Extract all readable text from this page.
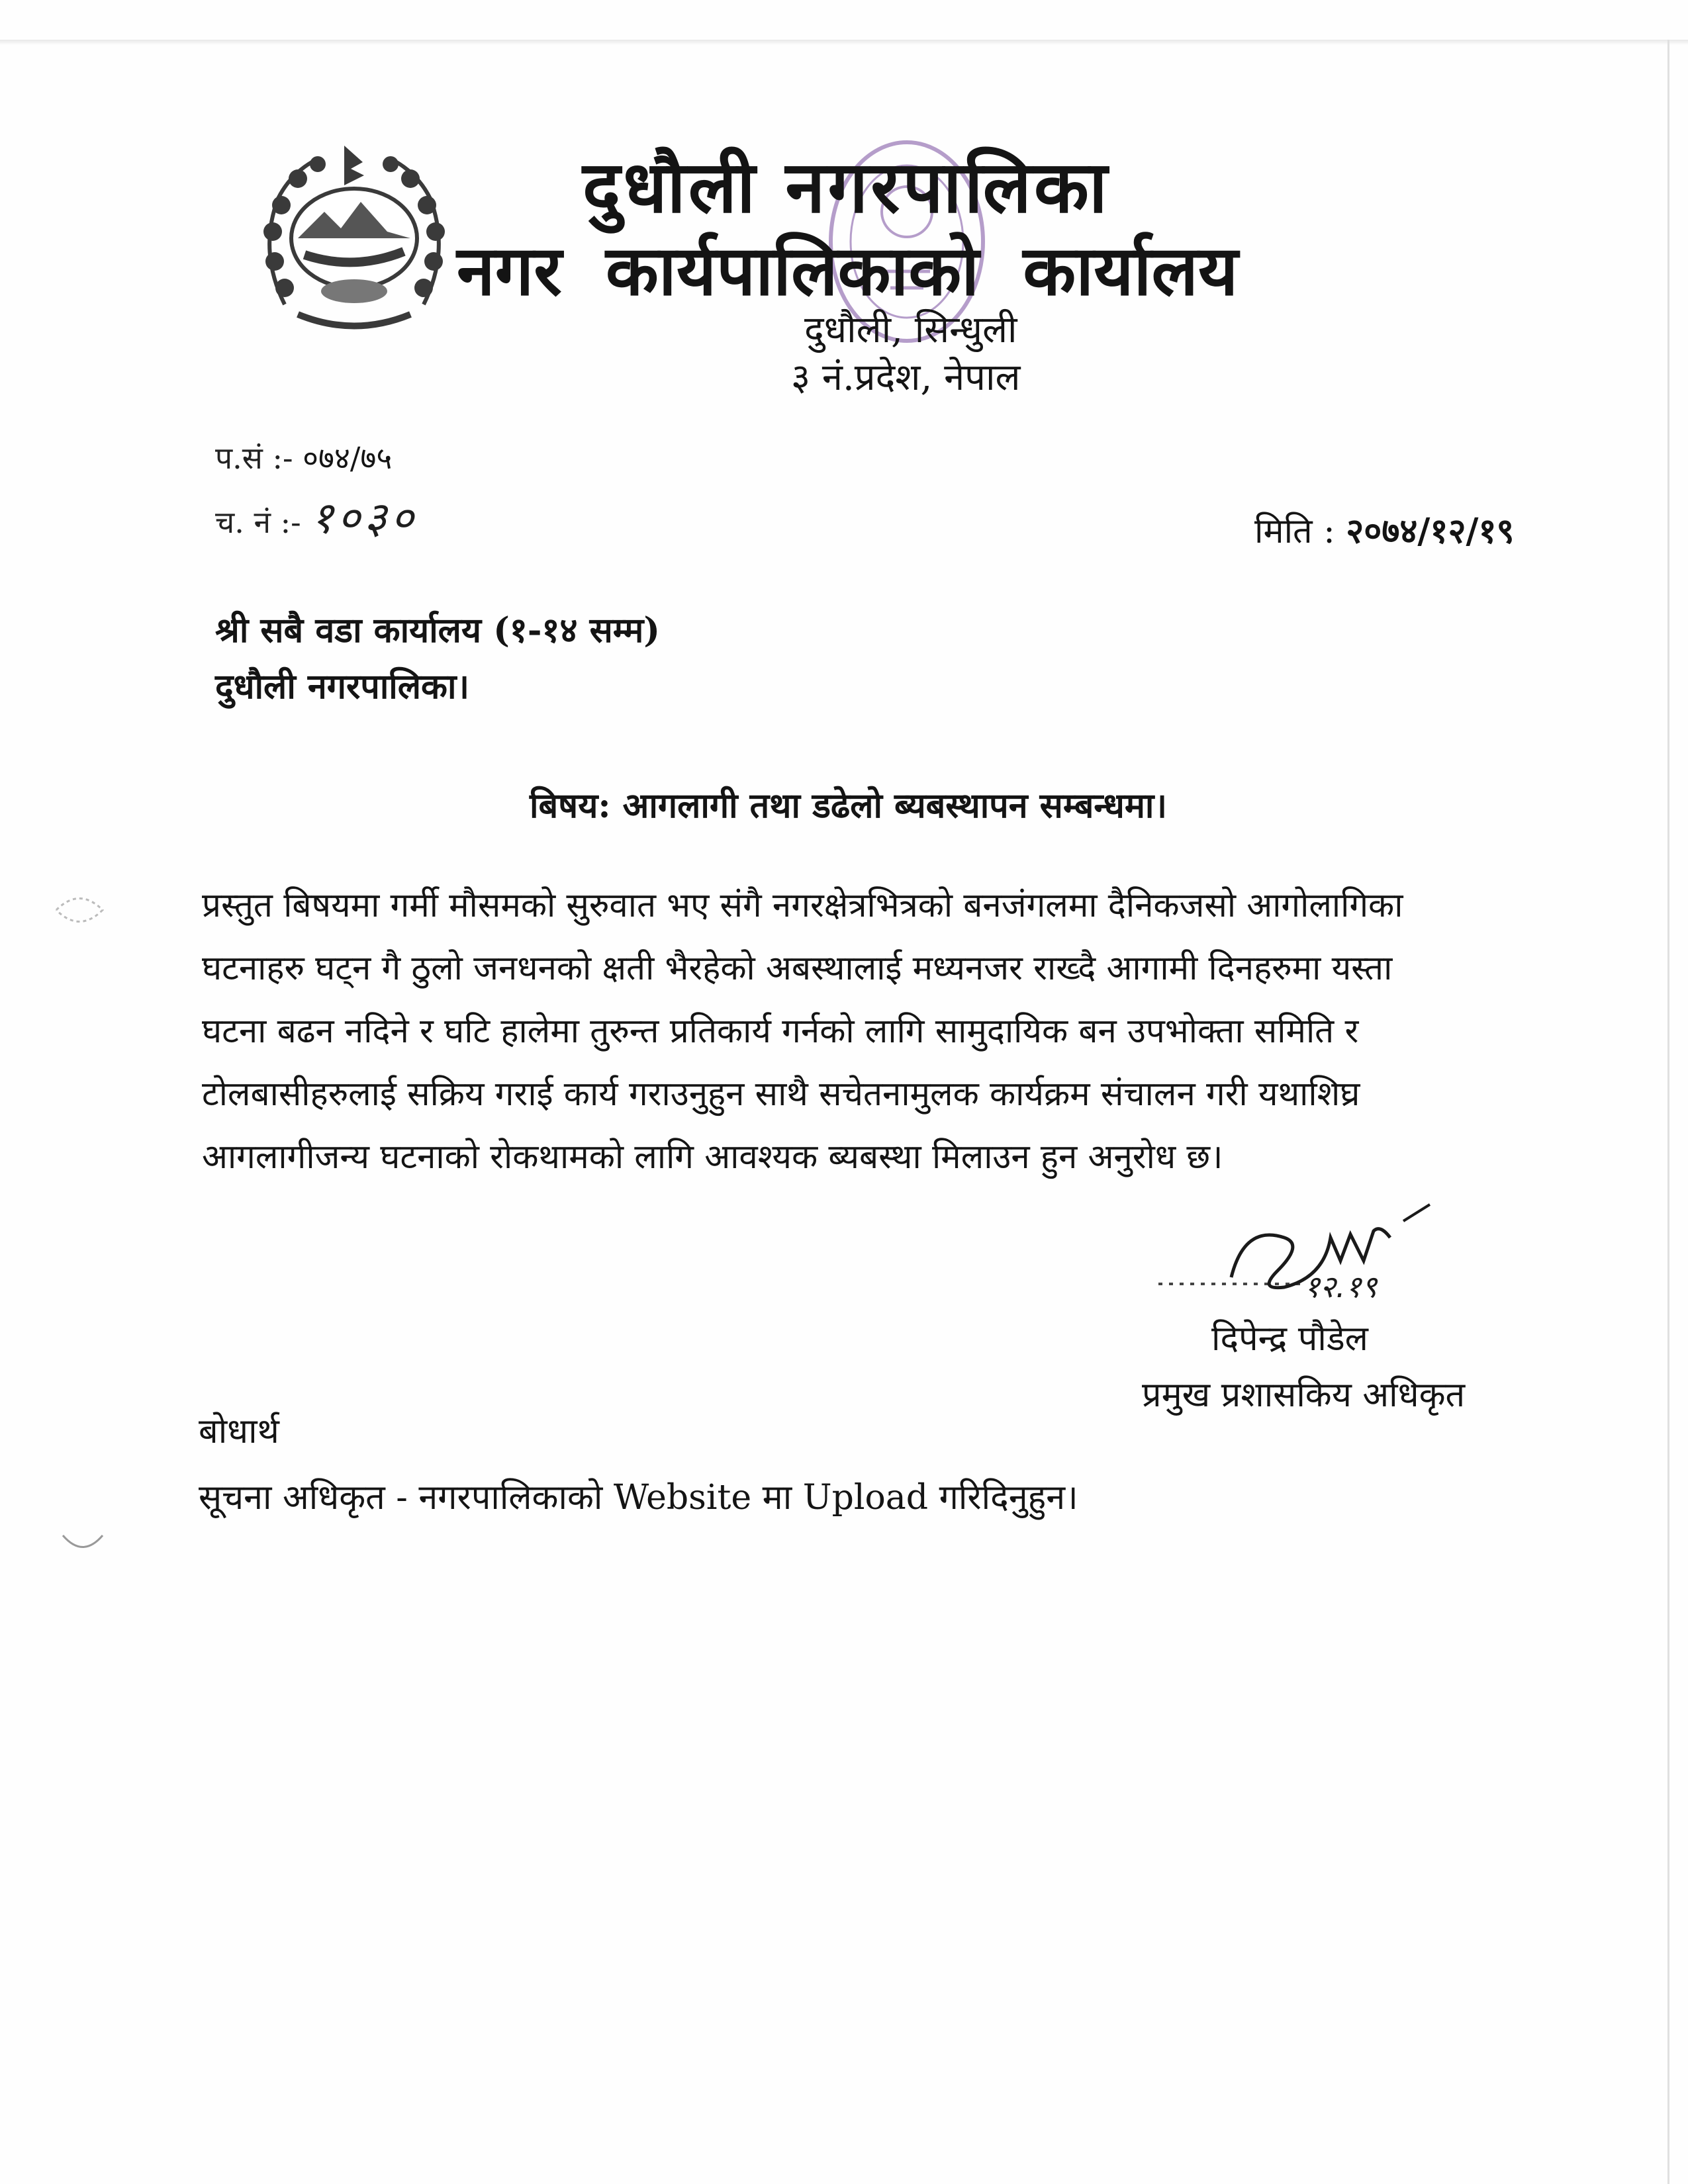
दुधौली नगरपालिका
नगर कार्यपालिकाको कार्यालय
दुधौली, सिन्धुली
३ नं.प्रदेश, नेपाल
प.सं :- ०७४/७५
च. नं :- १०३०	मिति : २०७४/१२/१९
श्री सबै वडा कार्यालय (१-१४ सम्म)
दुधौली नगरपालिका।
बिषय: आगलागी तथा डढेलो ब्यबस्थापन सम्बन्धमा।
प्रस्तुत बिषयमा गर्मी मौसमको सुरुवात भए संगै नगरक्षेत्रभित्रको बनजंगलमा दैनिकजसो आगोलागिका
घटनाहरु घट्न गै ठुलो जनधनको क्षती भैरहेको अबस्थालाई मध्यनजर राख्दै आगामी दिनहरुमा यस्ता
घटना बढन नदिने र घटि हालेमा तुरुन्त प्रतिकार्य गर्नको लागि सामुदायिक बन उपभोक्ता समिति र
टोलबासीहरुलाई सक्रिय गराई कार्य गराउनुहुन साथै सचेतनामुलक कार्यक्रम संचालन गरी यथाशिघ्र
आगलागीजन्य घटनाको रोकथामको लागि आवश्यक ब्यबस्था मिलाउन हुन अनुरोध छ।
१२.१९
दिपेन्द्र पौडेल
प्रमुख प्रशासकिय अधिकृत
बोधार्थ
सूचना अधिकृत - नगरपालिकाको Website मा Upload गरिदिनुहुन।
